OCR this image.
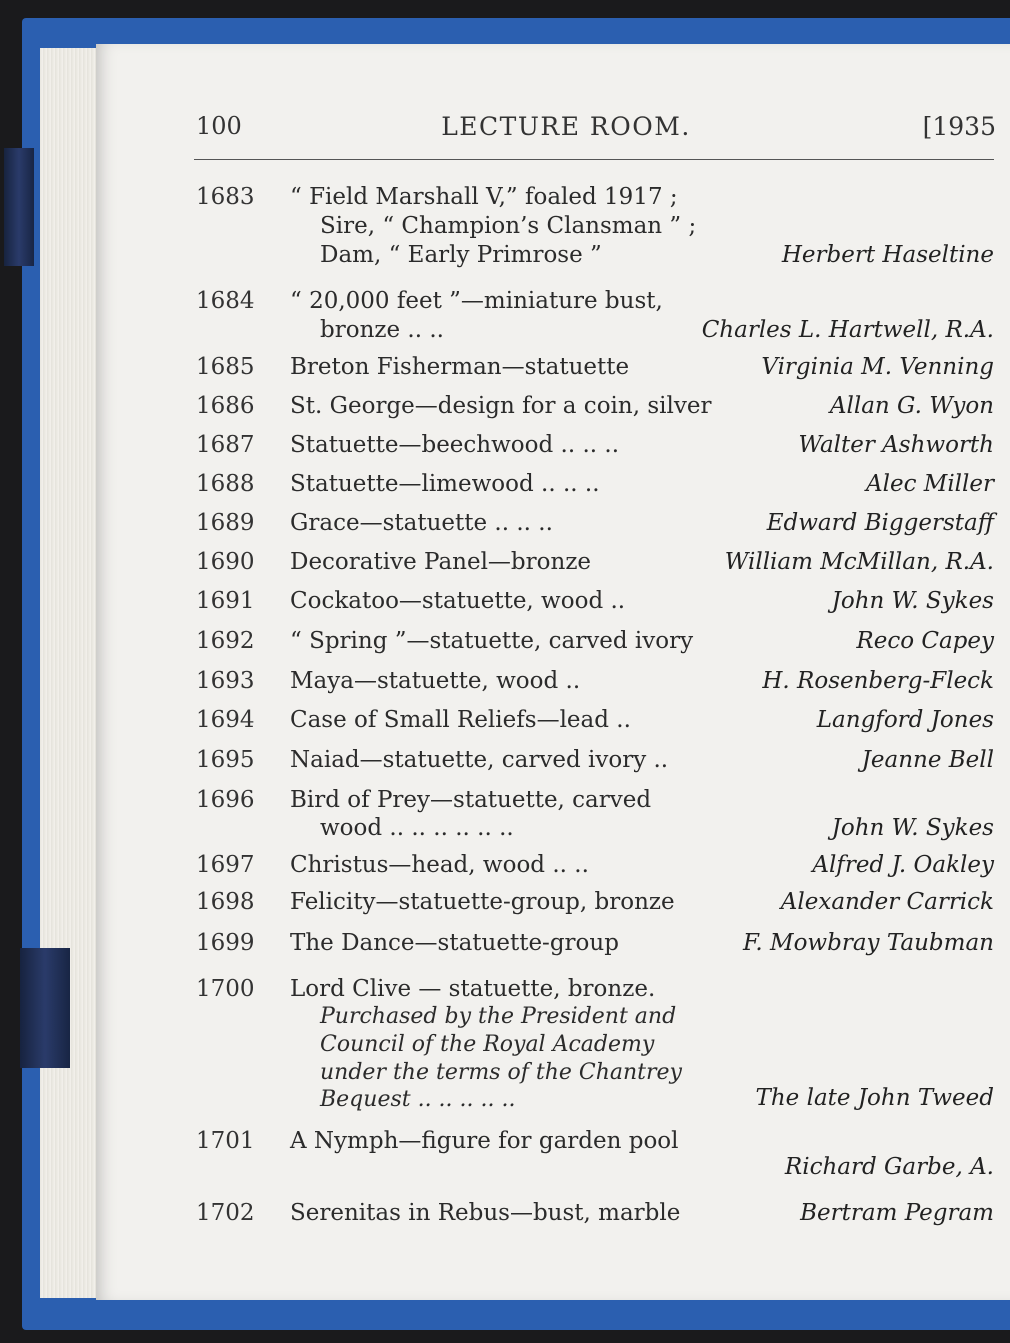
100	LECTURE ROOM.	[1935
1683 “ Field Marshall V,” foaled 1917 ;
Sire, “ Champion’s Clansman ” ;
Dam, “ Early Primrose ”	Herbert Haseltine
1684 “ 20,000 feet ”—miniature bust,
bronze .. ..	Charles L. Hartwell, R.A.
1685 Breton Fisherman—statuette	Virginia M. Venning
1686 St. George—design for a coin, silver	Allan G. Wyon
1687 Statuette—beechwood .. .. ..	Walter Ashworth
1688 Statuette—limewood .. .. ..	Alec Miller
1689 Grace—statuette .. .. ..	Edward Biggerstaff
1690 Decorative Panel—bronze	William McMillan, R.A.
1691 Cockatoo—statuette, wood ..	John W. Sykes
1692 “ Spring ”—statuette, carved ivory	Reco Capey
1693 Maya—statuette, wood ..	H. Rosenberg-Fleck
1694 Case of Small Reliefs—lead ..	Langford Jones
1695 Naiad—statuette, carved ivory ..	Jeanne Bell
1696 Bird of Prey—statuette, carved
wood .. .. .. .. .. ..	John W. Sykes
1697 Christus—head, wood .. ..	Alfred J. Oakley
1698 Felicity—statuette-group, bronze	Alexander Carrick
1699 The Dance—statuette-group	F. Mowbray Taubman
1700 Lord Clive — statuette, bronze.
Purchased by the President and
Council of the Royal Academy
under the terms of the Chantrey
Bequest .. .. .. .. ..	The late John Tweed
1701 A Nymph—figure for garden pool
Richard Garbe, A.
1702 Serenitas in Rebus—bust, marble	Bertram Pegram
